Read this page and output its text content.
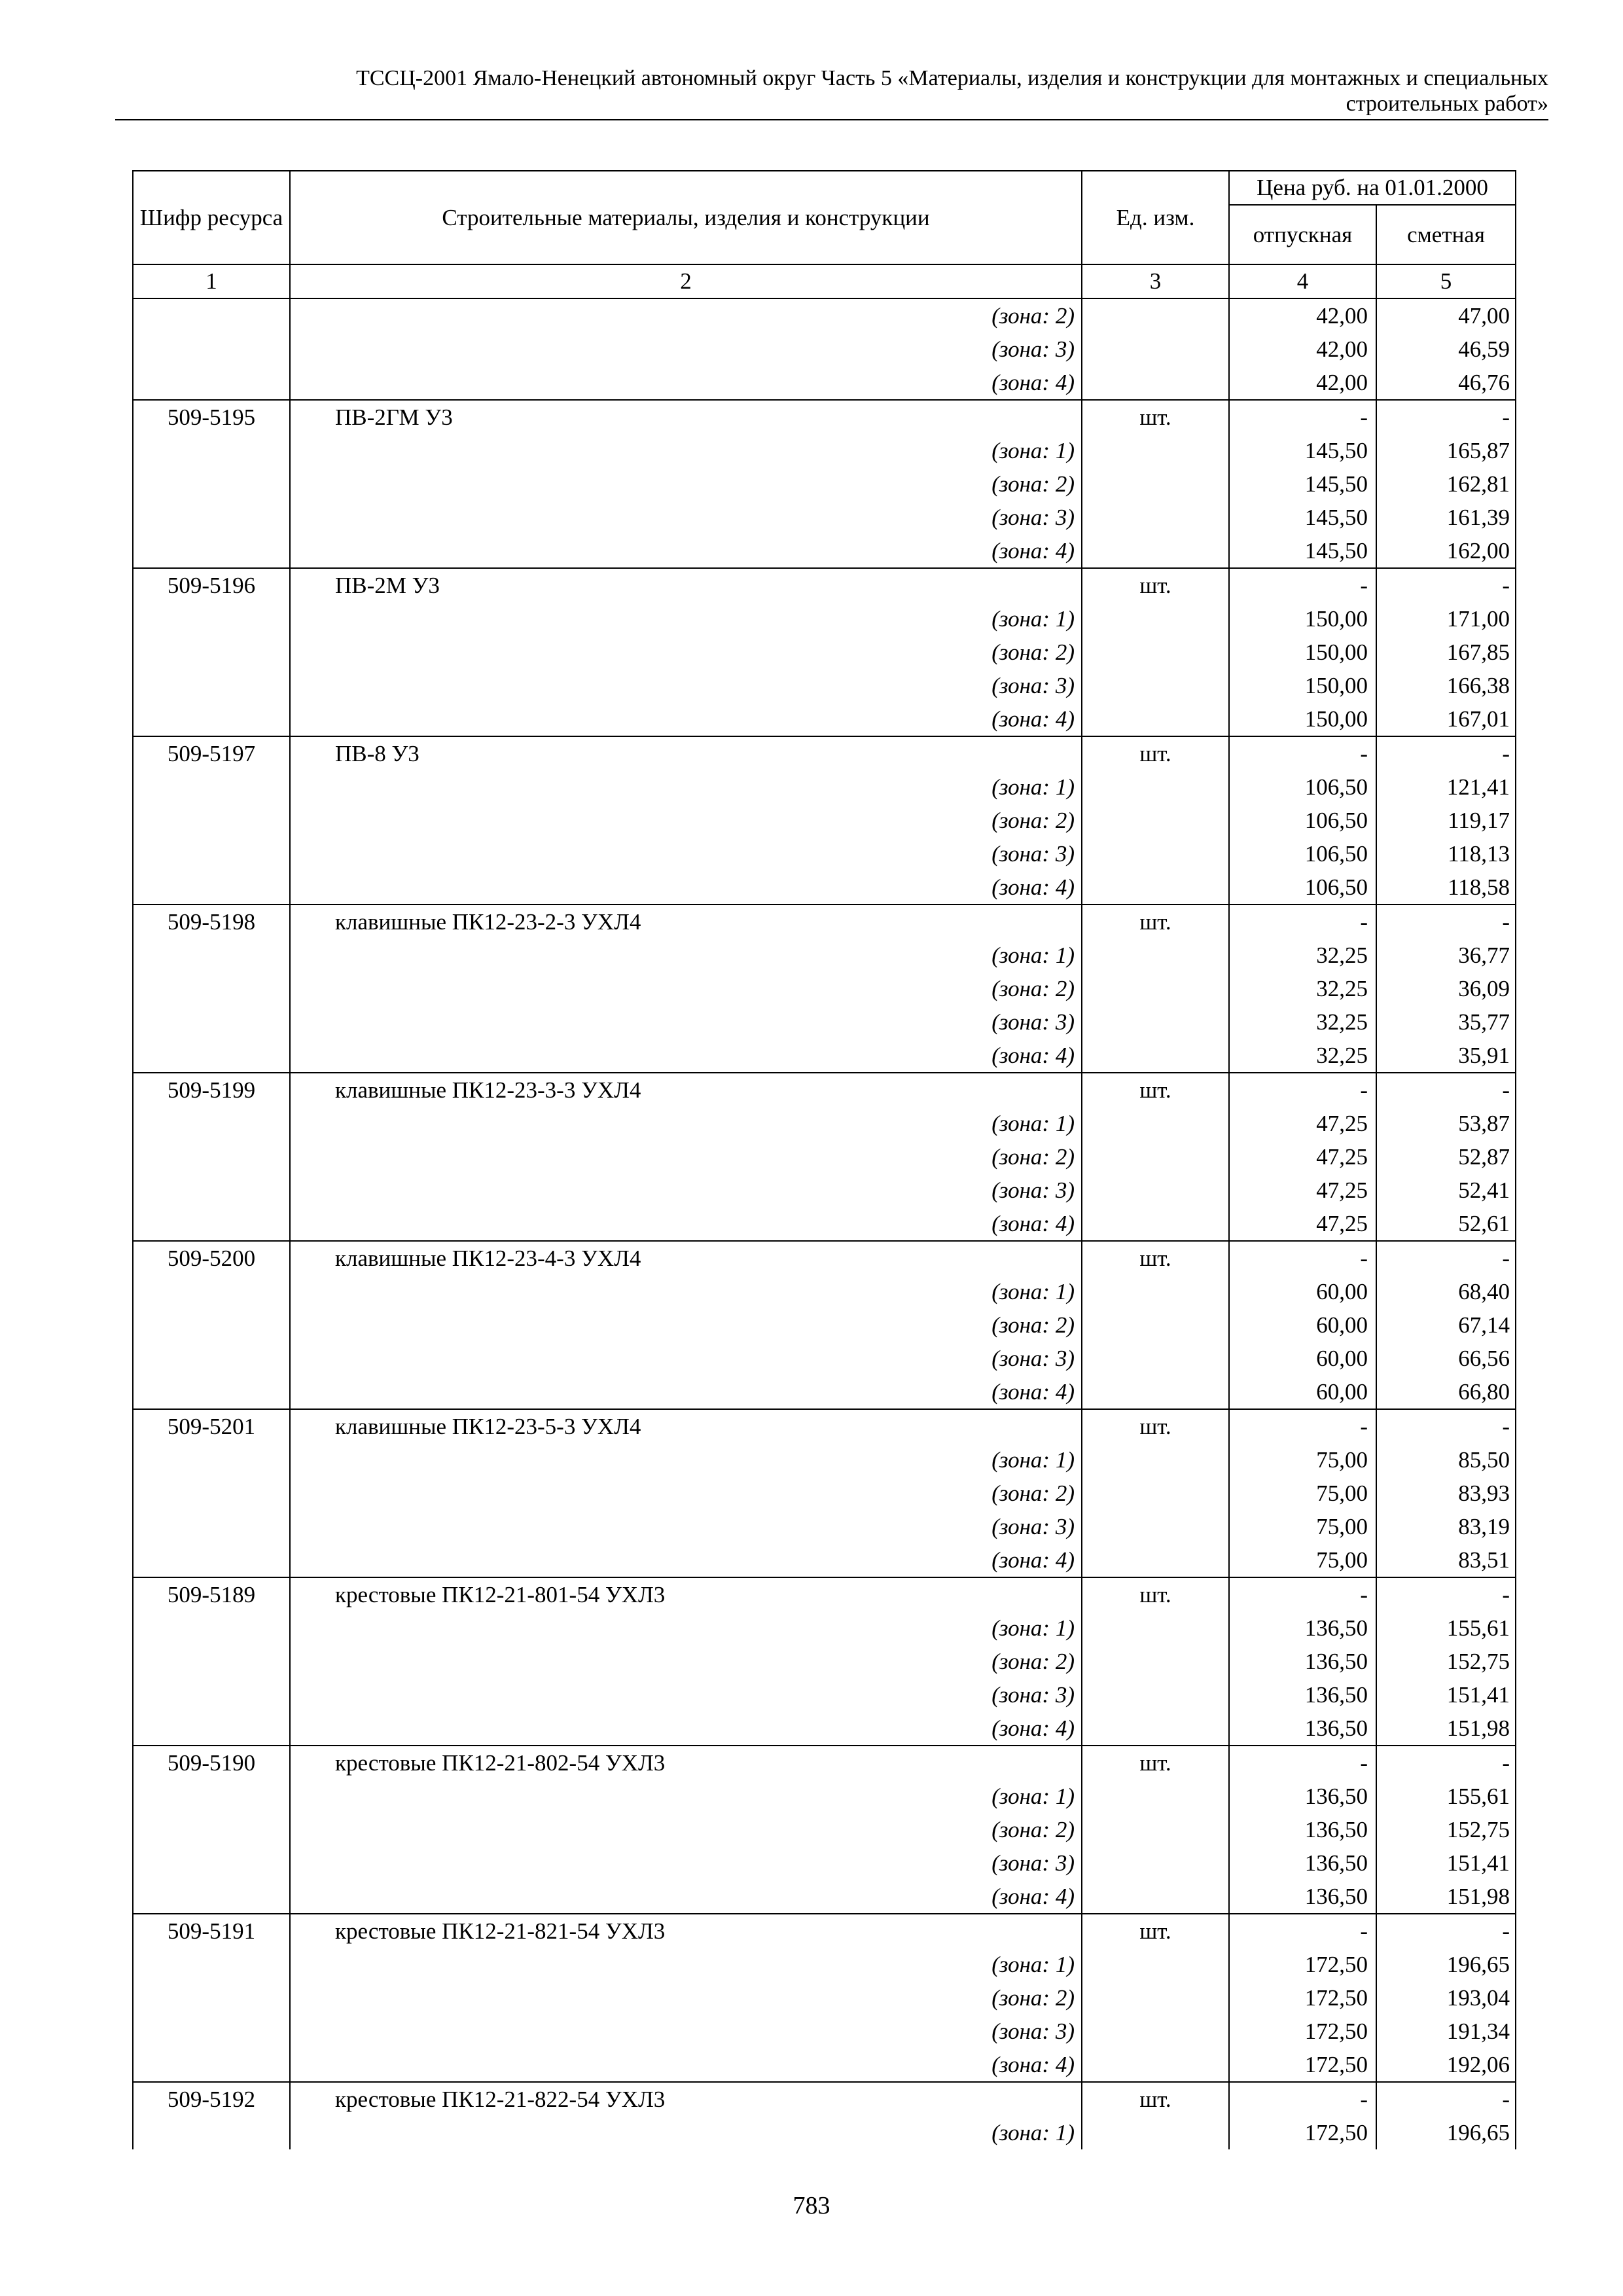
ТССЦ-2001 Ямало-Ненецкий автономный округ Часть 5 «Материалы, изделия и конструкции для монтажных и специальных
строительных работ»
Шифр ресурса	Строительные материалы, изделия и конструкции	Ед. изм.	Цена руб. на 01.01.2000	
			отпускная	сметная
1	2	3	4	5
	(зона: 2)		42,00	47,00
	(зона: 3)		42,00	46,59
	(зона: 4)		42,00	46,76
509-5195	ПВ-2ГМ У3	шт.	-	-
	(зона: 1)		145,50	165,87
	(зона: 2)		145,50	162,81
	(зона: 3)		145,50	161,39
	(зона: 4)		145,50	162,00
509-5196	ПВ-2М У3	шт.	-	-
	(зона: 1)		150,00	171,00
	(зона: 2)		150,00	167,85
	(зона: 3)		150,00	166,38
	(зона: 4)		150,00	167,01
509-5197	ПВ-8 У3	шт.	-	-
	(зона: 1)		106,50	121,41
	(зона: 2)		106,50	119,17
	(зона: 3)		106,50	118,13
	(зона: 4)		106,50	118,58
509-5198	клавишные ПК12-23-2-3 УХЛ4	шт.	-	-
	(зона: 1)		32,25	36,77
	(зона: 2)		32,25	36,09
	(зона: 3)		32,25	35,77
	(зона: 4)		32,25	35,91
509-5199	клавишные ПК12-23-3-3 УХЛ4	шт.	-	-
	(зона: 1)		47,25	53,87
	(зона: 2)		47,25	52,87
	(зона: 3)		47,25	52,41
	(зона: 4)		47,25	52,61
509-5200	клавишные ПК12-23-4-3 УХЛ4	шт.	-	-
	(зона: 1)		60,00	68,40
	(зона: 2)		60,00	67,14
	(зона: 3)		60,00	66,56
	(зона: 4)		60,00	66,80
509-5201	клавишные ПК12-23-5-3 УХЛ4	шт.	-	-
	(зона: 1)		75,00	85,50
	(зона: 2)		75,00	83,93
	(зона: 3)		75,00	83,19
	(зона: 4)		75,00	83,51
509-5189	крестовые ПК12-21-801-54 УХЛ3	шт.	-	-
	(зона: 1)		136,50	155,61
	(зона: 2)		136,50	152,75
	(зона: 3)		136,50	151,41
	(зона: 4)		136,50	151,98
509-5190	крестовые ПК12-21-802-54 УХЛ3	шт.	-	-
	(зона: 1)		136,50	155,61
	(зона: 2)		136,50	152,75
	(зона: 3)		136,50	151,41
	(зона: 4)		136,50	151,98
509-5191	крестовые ПК12-21-821-54 УХЛ3	шт.	-	-
	(зона: 1)		172,50	196,65
	(зона: 2)		172,50	193,04
	(зона: 3)		172,50	191,34
	(зона: 4)		172,50	192,06
509-5192	крестовые ПК12-21-822-54 УХЛ3	шт.	-	-
	(зона: 1)		172,50	196,65
783
